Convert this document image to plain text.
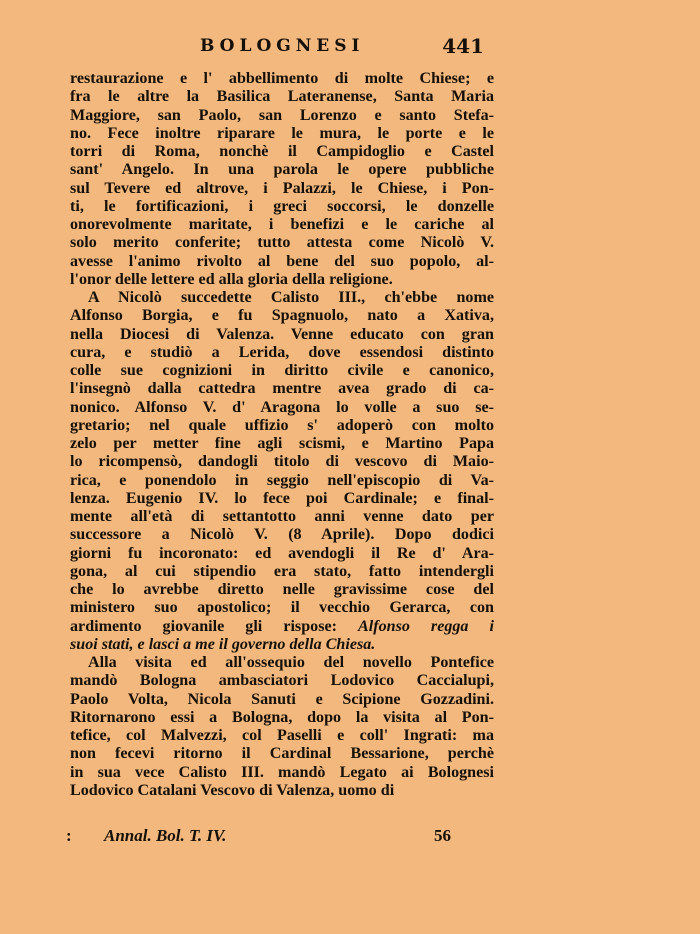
BOLOGNESI	441
restaurazione e l' abbellimento di molte Chiese; e
fra le altre la Basilica Lateranense, Santa Maria
Maggiore, san Paolo, san Lorenzo e santo Stefa-
no. Fece inoltre riparare le mura, le porte e le
torri di Roma, nonchè il Campidoglio e Castel
sant' Angelo. In una parola le opere pubbliche
sul Tevere ed altrove, i Palazzi, le Chiese, i Pon-
ti, le fortificazioni, i greci soccorsi, le donzelle
onorevolmente maritate, i benefizi e le cariche al
solo merito conferite; tutto attesta come Nicolò V.
avesse l'animo rivolto al bene del suo popolo, al-
l'onor delle lettere ed alla gloria della religione.
A Nicolò succedette Calisto III., ch'ebbe nome
Alfonso Borgia, e fu Spagnuolo, nato a Xativa,
nella Diocesi di Valenza. Venne educato con gran
cura, e studiò a Lerida, dove essendosi distinto
colle sue cognizioni in diritto civile e canonico,
l'insegnò dalla cattedra mentre avea grado di ca-
nonico. Alfonso V. d' Aragona lo volle a suo se-
gretario; nel quale uffizio s' adoperò con molto
zelo per metter fine agli scismi, e Martino Papa
lo ricompensò, dandogli titolo di vescovo di Maio-
rica, e ponendolo in seggio nell'episcopio di Va-
lenza. Eugenio IV. lo fece poi Cardinale; e final-
mente all'età di settantotto anni venne dato per
successore a Nicolò V. (8 Aprile). Dopo dodici
giorni fu incoronato: ed avendogli il Re d' Ara-
gona, al cui stipendio era stato, fatto intendergli
che lo avrebbe diretto nelle gravissime cose del
ministero suo apostolico; il vecchio Gerarca, con
ardimento giovanile gli rispose: Alfonso regga i
suoi stati, e lasci a me il governo della Chiesa.
Alla visita ed all'ossequio del novello Pontefice
mandò Bologna ambasciatori Lodovico Caccialupi,
Paolo Volta, Nicola Sanuti e Scipione Gozzadini.
Ritornarono essi a Bologna, dopo la visita al Pon-
tefice, col Malvezzi, col Paselli e coll' Ingrati: ma
non fecevi ritorno il Cardinal Bessarione, perchè
in sua vece Calisto III. mandò Legato ai Bolognesi
Lodovico Catalani Vescovo di Valenza, uomo di
: Annal. Bol. T. IV.	56
